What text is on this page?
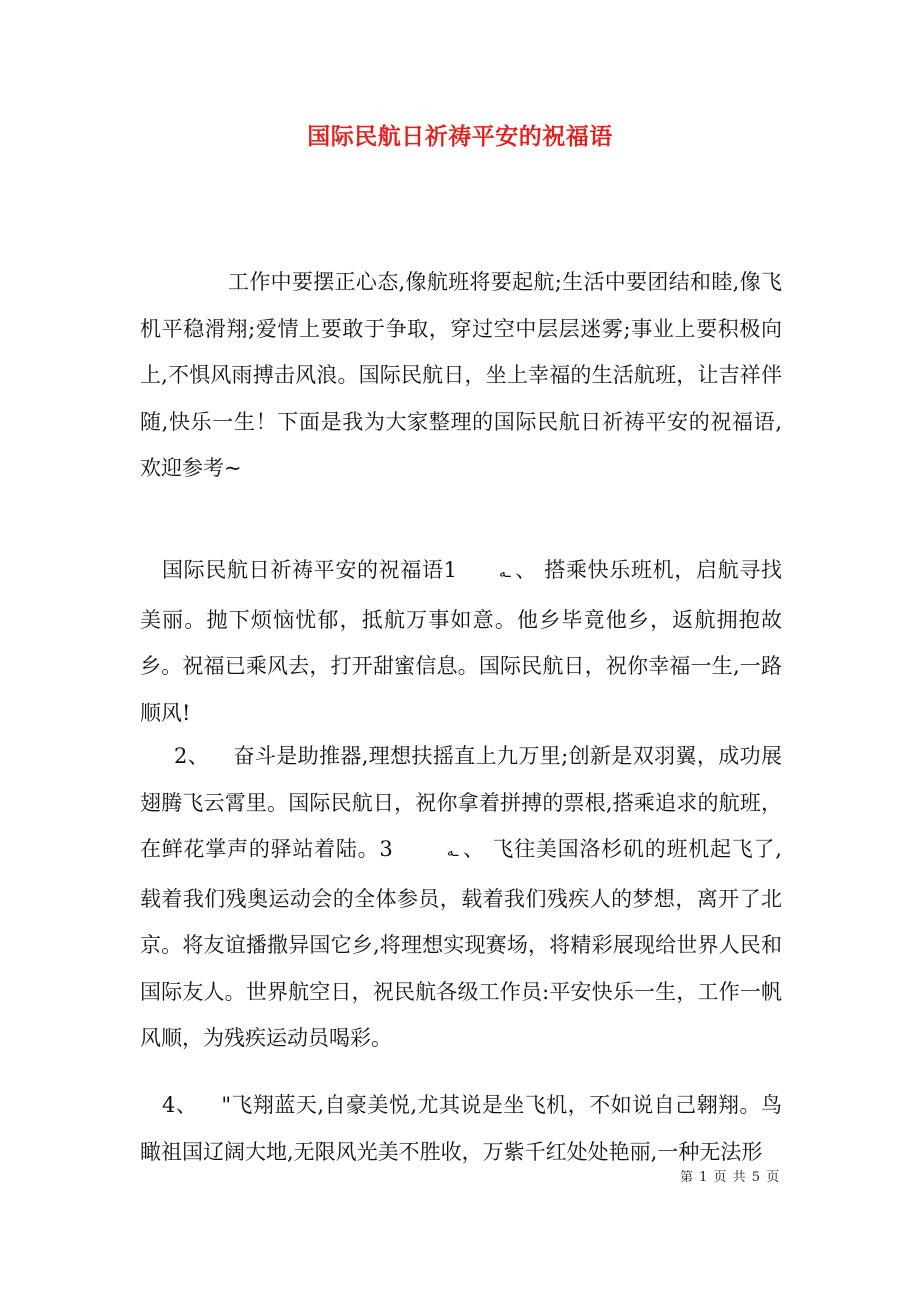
国际民航日祈祷平安的祝福语

工作中要摆正心态,像航班将要起航;生活中要团结和睦,像飞机平稳滑翔;爱情上要敢于争取，穿过空中层层迷雾;事业上要积极向上,不惧风雨搏击风浪。国际民航日，坐上幸福的生活航班，让吉祥伴随,快乐一生！下面是我为大家整理的国际民航日祈祷平安的祝福语,欢迎参考~

国际民航日祈祷平安的祝福语1	ـه 、 搭乘快乐班机，启航寻找美丽。抛下烦恼忧郁，抵航万事如意。他乡毕竟他乡，返航拥抱故乡。祝福已乘风去，打开甜蜜信息。国际民航日，祝你幸福一生,一路顺风!

2、 奋斗是助推器,理想扶摇直上九万里;创新是双羽翼，成功展翅腾飞云霄里。国际民航日，祝你拿着拼搏的票根,搭乘追求的航班，在鲜花掌声的驿站着陆。3	ـه 、 飞往美国洛杉矶的班机起飞了,载着我们残奥运动会的全体参员，载着我们残疾人的梦想，离开了北京。将友谊播撒异国它乡,将理想实现赛场，将精彩展现给世界人民和国际友人。世界航空日，祝民航各级工作员:平安快乐一生，工作一帆风顺，为残疾运动员喝彩。

4、 "飞翔蓝天,自豪美悦,尤其说是坐飞机，不如说自己翱翔。鸟瞰祖国辽阔大地,无限风光美不胜收，万紫千红处处艳丽,一种无法形

第 1 页 共 5 页
